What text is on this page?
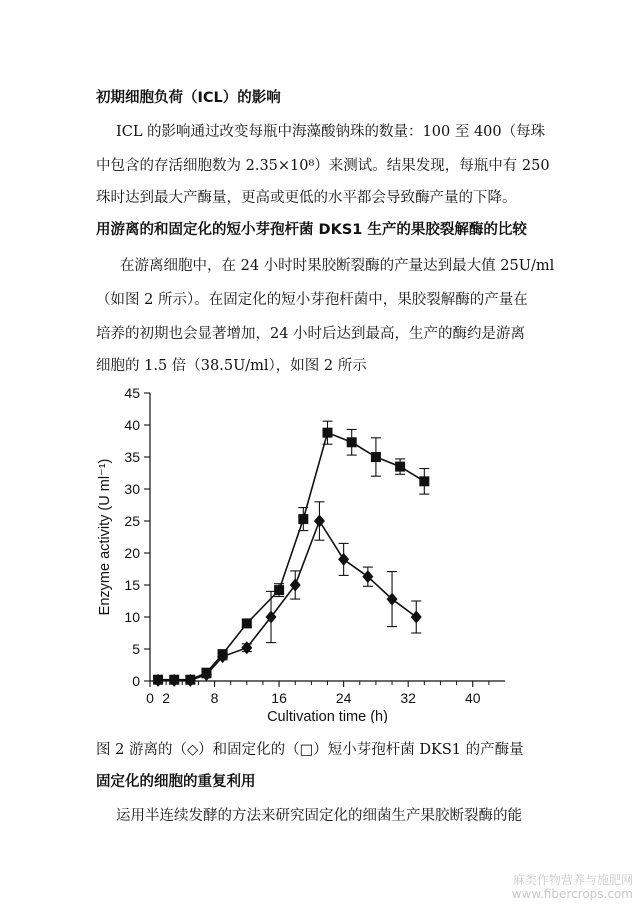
初期细胞负荷（ICL）的影响
ICL 的影响通过改变每瓶中海藻酸钠珠的数量：100 至 400（每珠
中包含的存活细胞数为 2.35×10⁸）来测试。结果发现，每瓶中有 250
珠时达到最大产酶量，更高或更低的水平都会导致酶产量的下降。
用游离的和固定化的短小芽孢杆菌 DKS1 生产的果胶裂解酶的比较
在游离细胞中，在 24 小时时果胶断裂酶的产量达到最大值 25U/ml
（如图 2 所示）。在固定化的短小芽孢杆菌中，果胶裂解酶的产量在
培养的初期也会显著增加，24 小时后达到最高，生产的酶约是游离
细胞的 1.5 倍（38.5U/ml），如图 2 所示
0
5
10
15
20
25
30
35
40
45
0	8	16	24	32	40
2
Cultivation time (h)
Enzyme activity (U ml⁻¹)
图 2 游离的（◇）和固定化的（□）短小芽孢杆菌 DKS1 的产酶量
固定化的细胞的重复利用
运用半连续发酵的方法来研究固定化的细菌生产果胶断裂酶的能
麻类作物营养与施肥网
www.fibercrops.com
